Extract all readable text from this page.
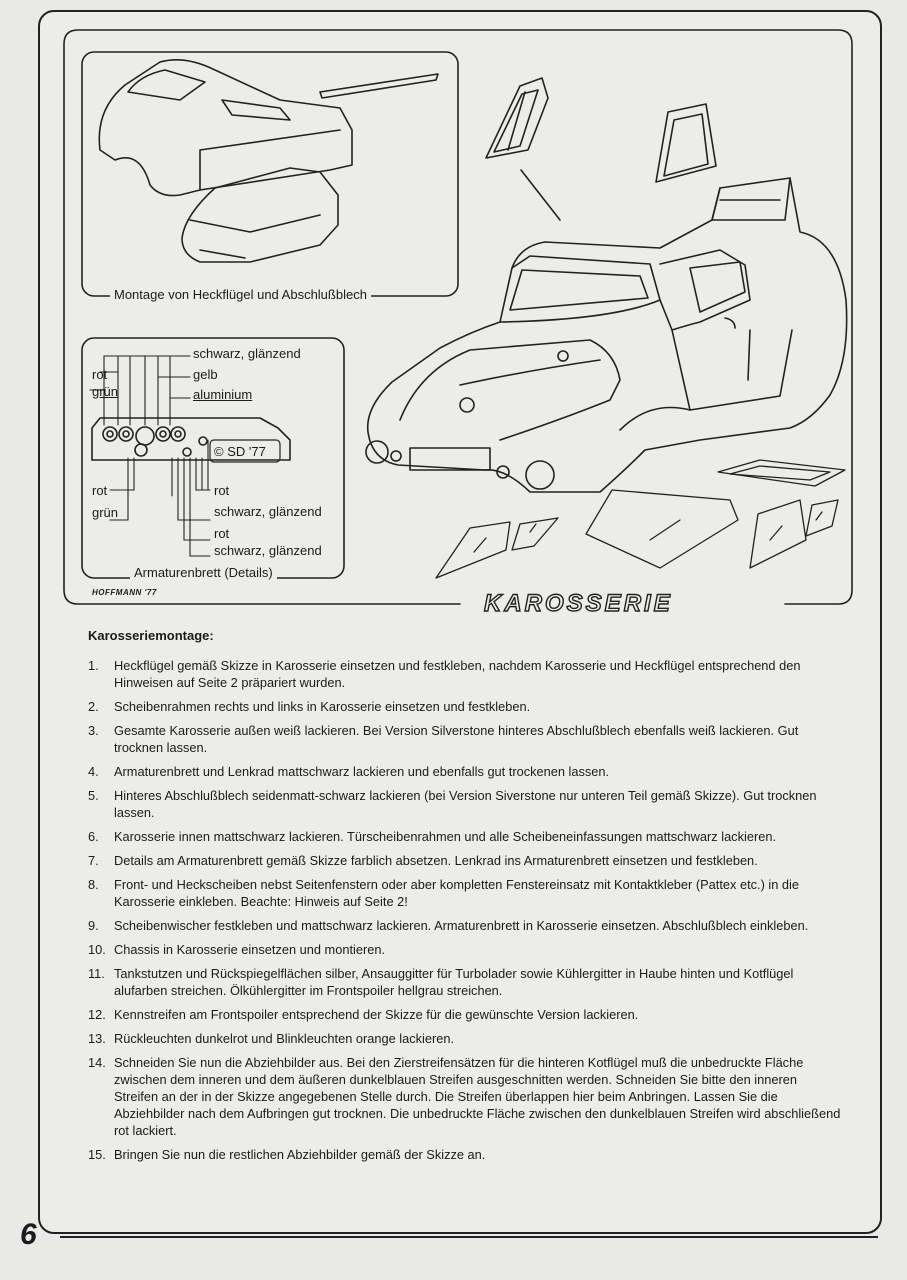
Montage von Heckflügel und Abschlußblech
Armaturenbrett (Details)
schwarz, glänzend
gelb
aluminium
rot
grün
© SD '77
rot
grün
rot
schwarz, glänzend
rot
schwarz, glänzend
HOFFMANN '77	KAROSSERIE
Karosseriemontage:
1. Heckflügel gemäß Skizze in Karosserie einsetzen und festkleben, nachdem Karosserie und Heckflügel entsprechend den Hinweisen auf Seite 2 präpariert wurden.
2. Scheibenrahmen rechts und links in Karosserie einsetzen und festkleben.
3. Gesamte Karosserie außen weiß lackieren. Bei Version Silverstone hinteres Abschlußblech ebenfalls weiß lackieren. Gut trocknen lassen.
4. Armaturenbrett und Lenkrad mattschwarz lackieren und ebenfalls gut trockenen lassen.
5. Hinteres Abschlußblech seidenmatt-schwarz lackieren (bei Version Siverstone nur unteren Teil gemäß Skizze). Gut trocknen lassen.
6. Karosserie innen mattschwarz lackieren. Türscheibenrahmen und alle Scheibeneinfassungen mattschwarz lackieren.
7. Details am Armaturenbrett gemäß Skizze farblich absetzen. Lenkrad ins Armaturenbrett einsetzen und festkleben.
8. Front- und Heckscheiben nebst Seitenfenstern oder aber kompletten Fenstereinsatz mit Kontaktkleber (Pattex etc.) in die Karosserie einkleben. Beachte: Hinweis auf Seite 2!
9. Scheibenwischer festkleben und mattschwarz lackieren. Armaturenbrett in Karosserie einsetzen. Abschlußblech einkleben.
10. Chassis in Karosserie einsetzen und montieren.
11. Tankstutzen und Rückspiegelflächen silber, Ansauggitter für Turbolader sowie Kühlergitter in Haube hinten und Kotflügel alufarben streichen. Ölkühlergitter im Frontspoiler hellgrau streichen.
12. Kennstreifen am Frontspoiler entsprechend der Skizze für die gewünschte Version lackieren.
13. Rückleuchten dunkelrot und Blinkleuchten orange lackieren.
14. Schneiden Sie nun die Abziehbilder aus. Bei den Zierstreifensätzen für die hinteren Kotflügel muß die unbedruckte Fläche zwischen dem inneren und dem äußeren dunkelblauen Streifen ausgeschnitten werden. Schneiden Sie bitte den inneren Streifen an der in der Skizze angegebenen Stelle durch. Die Streifen überlappen hier beim Anbringen. Lassen Sie die Abziehbilder nach dem Aufbringen gut trocknen. Die unbedruckte Fläche zwischen den dunkelblauen Streifen wird abschließend rot lackiert.
15. Bringen Sie nun die restlichen Abziehbilder gemäß der Skizze an.
6
